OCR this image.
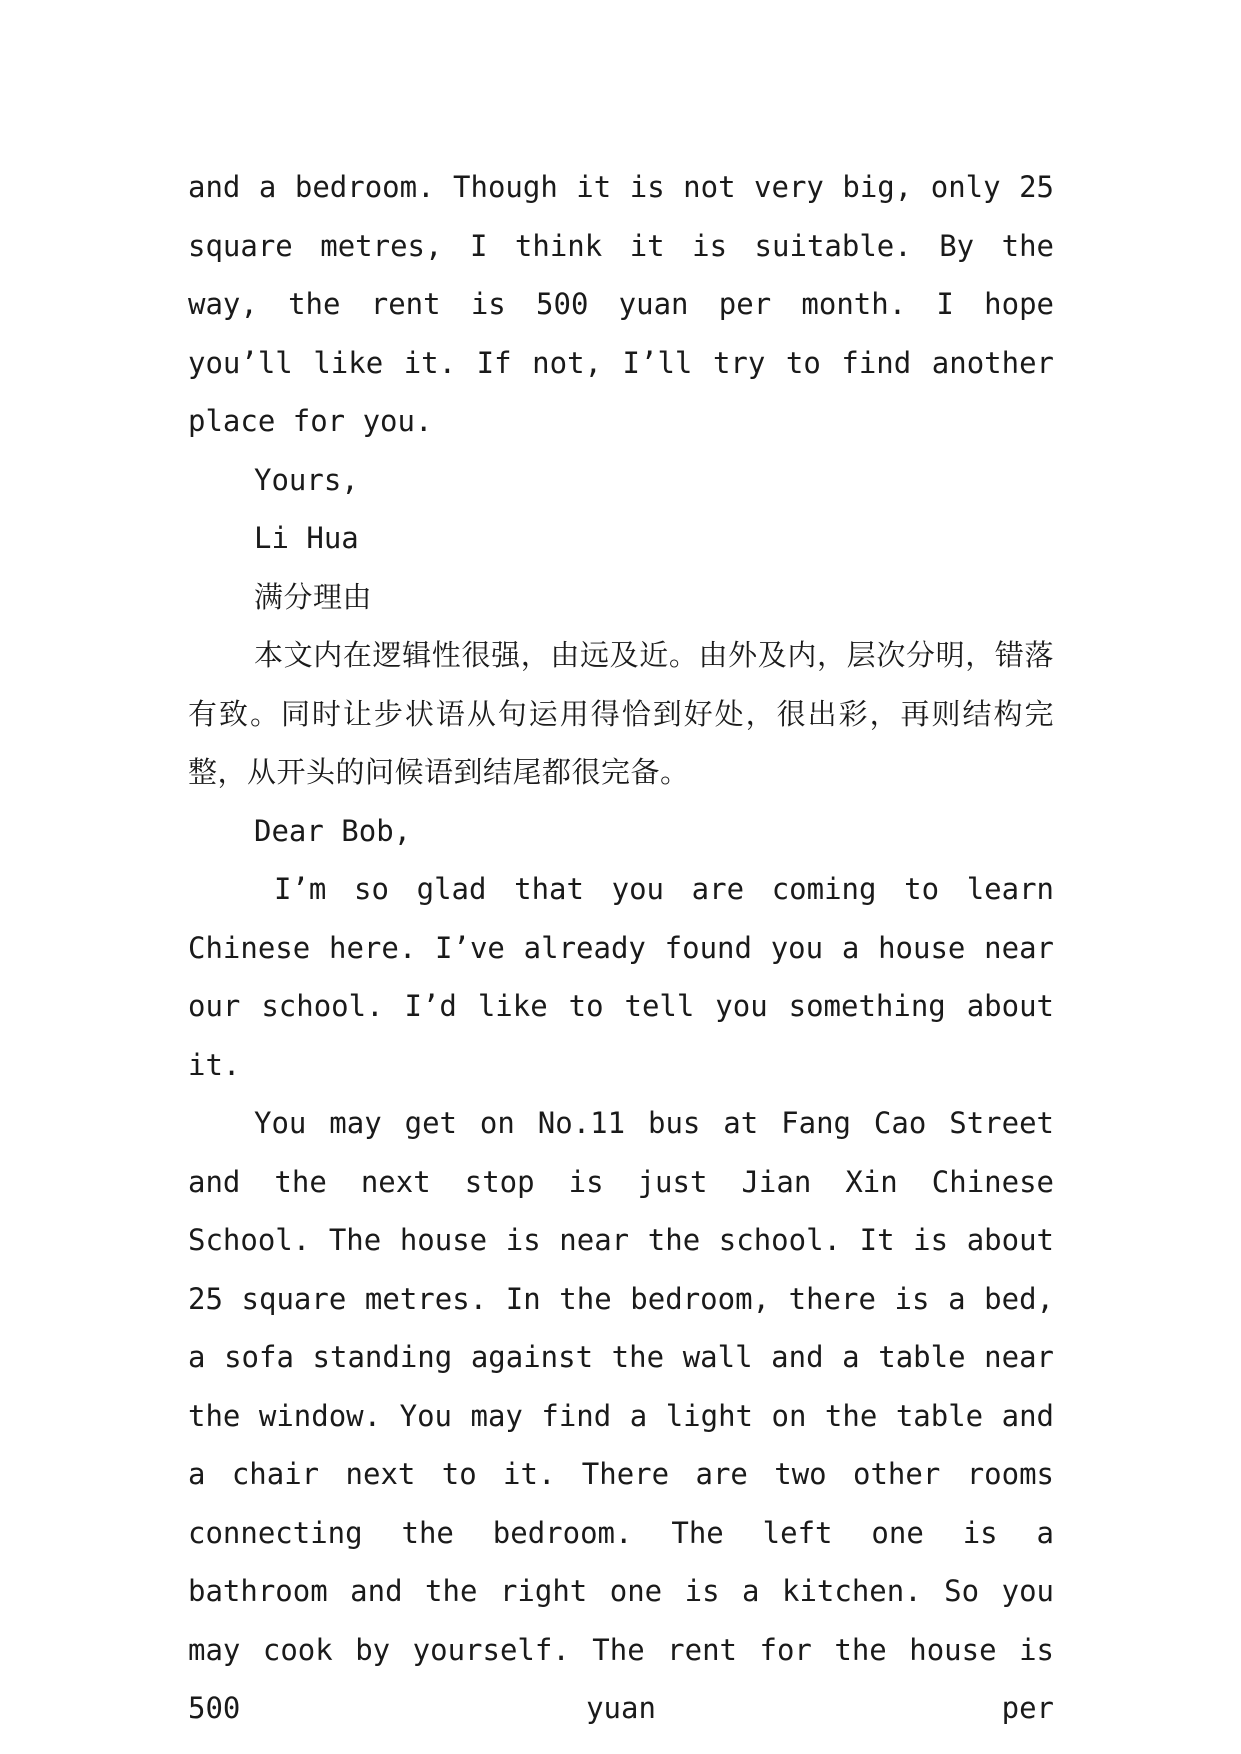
and a bedroom. Though it is not very big, only 25 square metres, I think it is suitable. By the way, the rent is 500 yuan per month. I hope you’ll like it. If not, I’ll try to find another place for you.

Yours,

Li Hua

满分理由

本文内在逻辑性很强，由远及近。由外及内，层次分明，错落有致。同时让步状语从句运用得恰到好处，很出彩，再则结构完整，从开头的问候语到结尾都很完备。

Dear Bob,

I’m so glad that you are coming to learn Chinese here. I’ve already found you a house near our school. I’d like to tell you something about it.

You may get on No.11 bus at Fang Cao Street and the next stop is just Jian Xin Chinese School. The house is near the school. It is about 25 square metres. In the bedroom, there is a bed, a sofa standing against the wall and a table near the window. You may find a light on the table and a chair next to it. There are two other rooms connecting the bedroom. The left one is a bathroom and the right one is a kitchen. So you may cook by yourself. The rent for the house is 500 yuan per
